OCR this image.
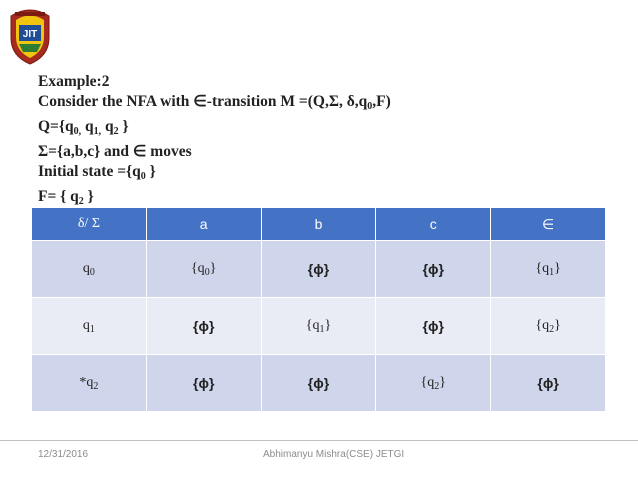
JIT
Example:2
Consider the NFA with ∈-transition M =(Q,Σ, $\delta,q_0,F$)
$Q=\{q_{0,}$ $q_{1,}$ $q_2$ }
Σ={a,b,c} and ∈ moves
Initial state $=\{q_0$ }
F= { $q_2$ }
δ/ Σ	a	b	c	∈
$q_0$	$\{q_0\}$	{ɸ}	{ɸ}	$\{q_1\}$
$q_1$	{ɸ}	$\{q_1\}$	{ɸ}	$\{q_2\}$
$*q_2$	{ɸ}	{ɸ}	$\{q_2\}$	{ɸ}
12/31/2016	Abhimanyu Mishra(CSE) JETGI
